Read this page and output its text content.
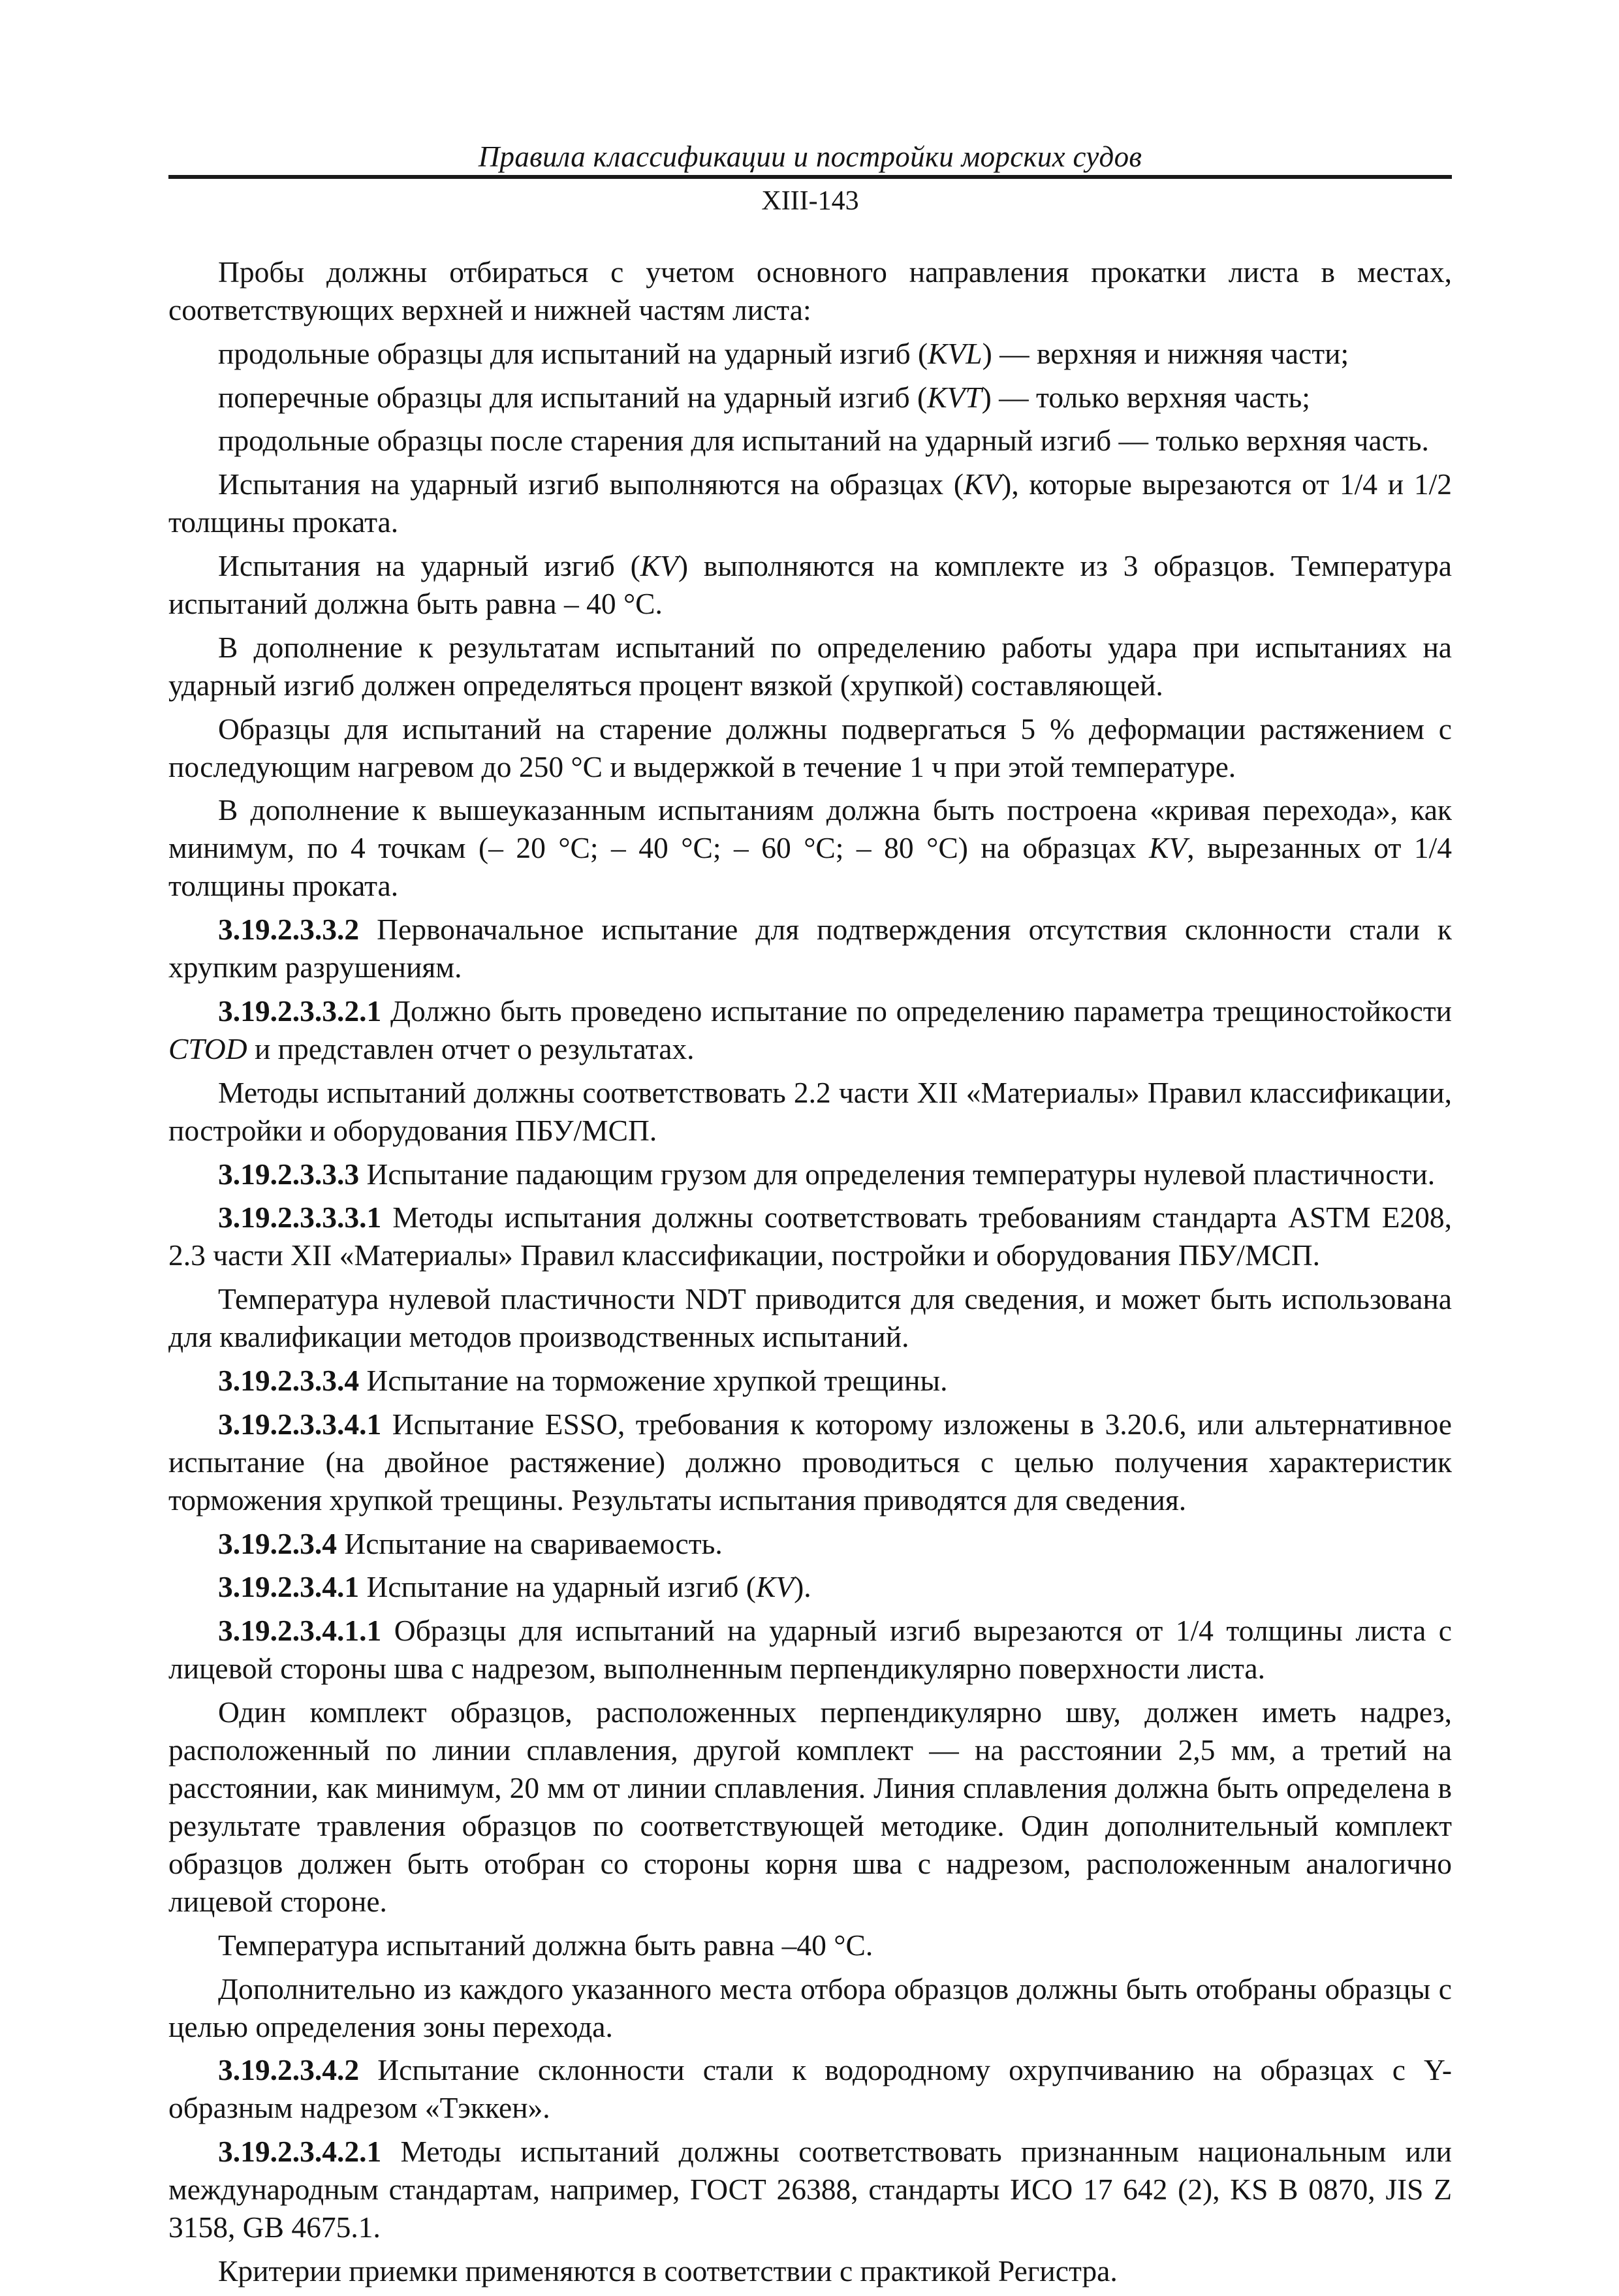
Правила классификации и постройки морских судов
XIII-143

Пробы должны отбираться с учетом основного направления прокатки листа в местах, соответствующих верхней и нижней частям листа:

продольные образцы для испытаний на ударный изгиб (KVL) — верхняя и нижняя части;

поперечные образцы для испытаний на ударный изгиб (KVT) — только верхняя часть;

продольные образцы после старения для испытаний на ударный изгиб — только верхняя часть.

Испытания на ударный изгиб выполняются на образцах (KV), которые вырезаются от 1/4 и 1/2 толщины проката.

Испытания на ударный изгиб (KV) выполняются на комплекте из 3 образцов. Температура испытаний должна быть равна – 40 °С.

В дополнение к результатам испытаний по определению работы удара при испытаниях на ударный изгиб должен определяться процент вязкой (хрупкой) составляющей.

Образцы для испытаний на старение должны подвергаться 5 % деформации растяжением с последующим нагревом до 250 °С и выдержкой в течение 1 ч при этой температуре.

В дополнение к вышеуказанным испытаниям должна быть построена «кривая перехода», как минимум, по 4 точкам (– 20 °С; – 40 °С; – 60 °С; – 80 °С) на образцах KV, вырезанных от 1/4 толщины проката.

3.19.2.3.3.2 Первоначальное испытание для подтверждения отсутствия склонности стали к хрупким разрушениям.

3.19.2.3.3.2.1 Должно быть проведено испытание по определению параметра трещиностойкости CTOD и представлен отчет о результатах.

Методы испытаний должны соответствовать 2.2 части XII «Материалы» Правил классификации, постройки и оборудования ПБУ/МСП.

3.19.2.3.3.3 Испытание падающим грузом для определения температуры нулевой пластичности.

3.19.2.3.3.3.1 Методы испытания должны соответствовать требованиям стандарта ASTM E208, 2.3 части XII «Материалы» Правил классификации, постройки и оборудования ПБУ/МСП.

Температура нулевой пластичности NDT приводится для сведения, и может быть использована для квалификации методов производственных испытаний.

3.19.2.3.3.4 Испытание на торможение хрупкой трещины.

3.19.2.3.3.4.1 Испытание ESSO, требования к которому изложены в 3.20.6, или альтернативное испытание (на двойное растяжение) должно проводиться с целью получения характеристик торможения хрупкой трещины. Результаты испытания приводятся для сведения.

3.19.2.3.4 Испытание на свариваемость.

3.19.2.3.4.1 Испытание на ударный изгиб (KV).

3.19.2.3.4.1.1 Образцы для испытаний на ударный изгиб вырезаются от 1/4 толщины листа с лицевой стороны шва с надрезом, выполненным перпендикулярно поверхности листа.

Один комплект образцов, расположенных перпендикулярно шву, должен иметь надрез, расположенный по линии сплавления, другой комплект — на расстоянии 2,5 мм, а третий на расстоянии, как минимум, 20 мм от линии сплавления. Линия сплавления должна быть определена в результате травления образцов по соответствующей методике. Один дополнительный комплект образцов должен быть отобран со стороны корня шва с надрезом, расположенным аналогично лицевой стороне.

Температура испытаний должна быть равна –40 °С.

Дополнительно из каждого указанного места отбора образцов должны быть отобраны образцы с целью определения зоны перехода.

3.19.2.3.4.2 Испытание склонности стали к водородному охрупчиванию на образцах с Y-образным надрезом «Тэккен».

3.19.2.3.4.2.1 Методы испытаний должны соответствовать признанным национальным или международным стандартам, например, ГОСТ 26388, стандарты ИСО 17 642 (2), KS B 0870, JIS Z 3158, GB 4675.1.

Критерии приемки применяются в соответствии с практикой Регистра.
